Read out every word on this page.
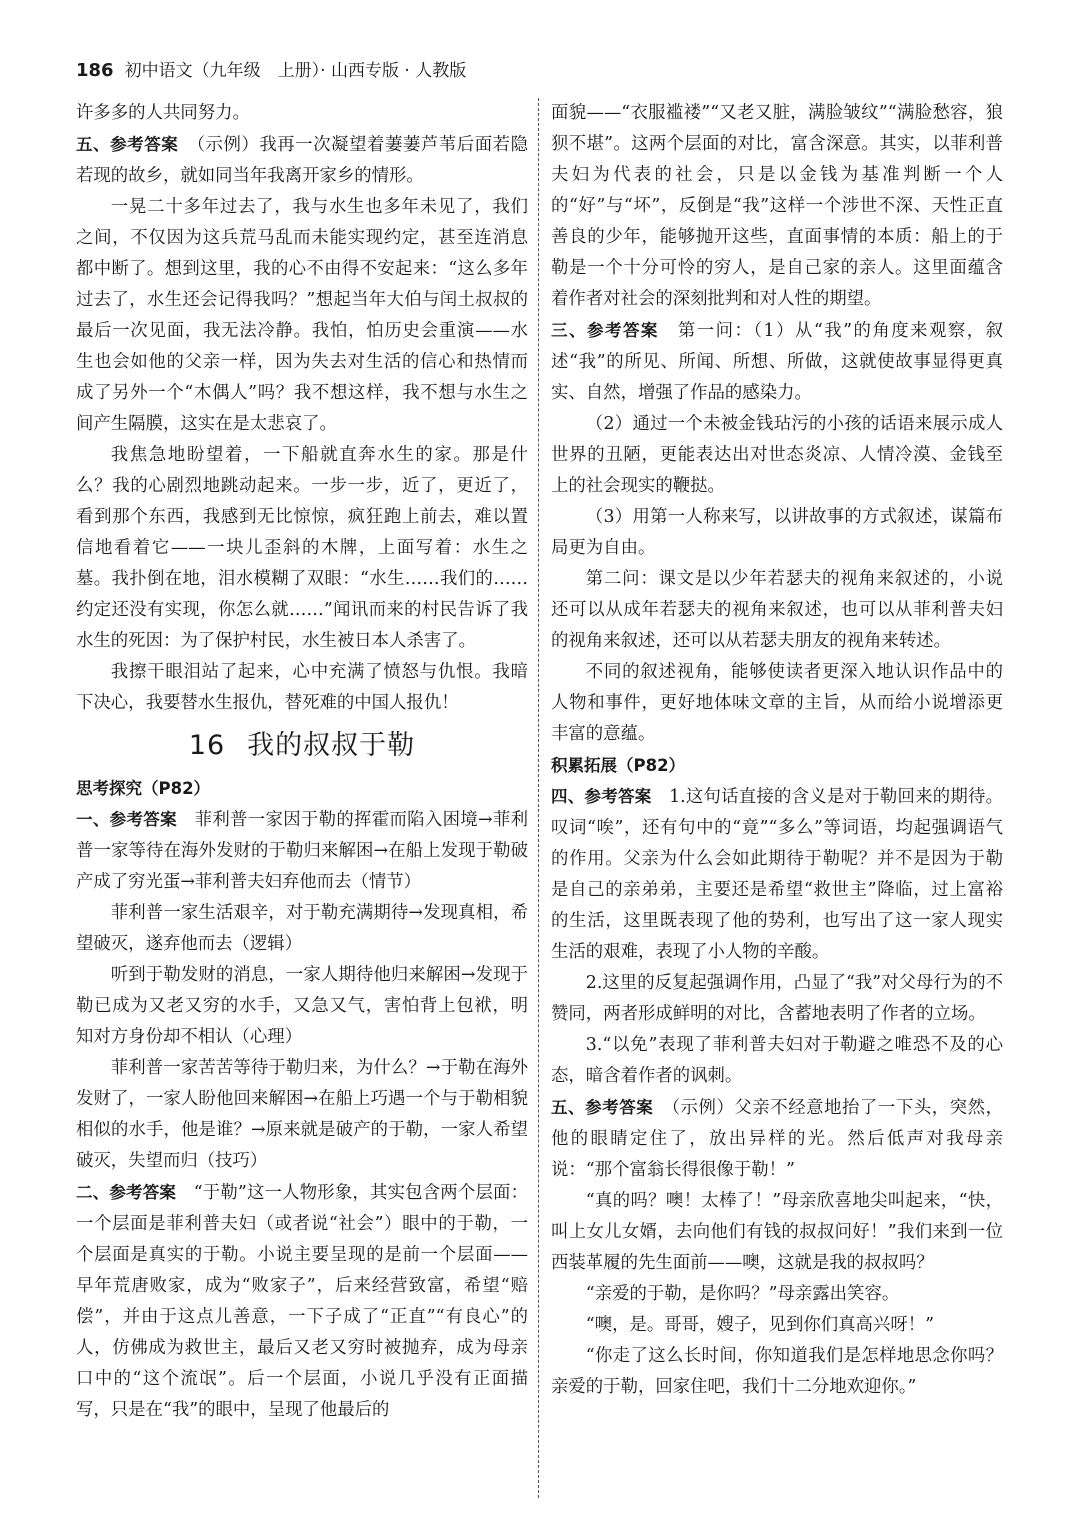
186 初中语文（九年级　上册）· 山西专版 · 人教版

许多多的人共同努力。

五、参考答案　 （示例）我再一次凝望着萋萋芦苇后面若隐若现的故乡，就如同当年我离开家乡的情形。

一晃二十多年过去了，我与水生也多年未见了，我们之间，不仅因为这兵荒马乱而未能实现约定，甚至连消息都中断了。想到这里，我的心不由得不安起来：“这么多年过去了，水生还会记得我吗？”想起当年大伯与闰土叔叔的最后一次见面，我无法冷静。我怕，怕历史会重演——水生也会如他的父亲一样，因为失去对生活的信心和热情而成了另外一个“木偶人”吗？我不想这样，我不想与水生之间产生隔膜，这实在是太悲哀了。

我焦急地盼望着，一下船就直奔水生的家。那是什么？我的心剧烈地跳动起来。一步一步，近了，更近了，看到那个东西，我感到无比惊惊，疯狂跑上前去，难以置信地看着它——一块儿歪斜的木牌，上面写着：水生之墓。我扑倒在地，泪水模糊了双眼：“水生……我们的……约定还没有实现，你怎么就……”闻讯而来的村民告诉了我水生的死因：为了保护村民，水生被日本人杀害了。

我擦干眼泪站了起来，心中充满了愤怒与仇恨。我暗下决心，我要替水生报仇，替死难的中国人报仇！

16 我的叔叔于勒

思考探究（P82）

一、参考答案　 菲利普一家因于勒的挥霍而陷入困境→菲利普一家等待在海外发财的于勒归来解困→在船上发现于勒破产成了穷光蛋→菲利普夫妇弃他而去（情节）

菲利普一家生活艰辛，对于勒充满期待→发现真相，希望破灭，遂弃他而去（逻辑）

听到于勒发财的消息，一家人期待他归来解困→发现于勒已成为又老又穷的水手，又急又气，害怕背上包袱，明知对方身份却不相认（心理）

菲利普一家苦苦等待于勒归来，为什么？→于勒在海外发财了，一家人盼他回来解困→在船上巧遇一个与于勒相貌相似的水手，他是谁？→原来就是破产的于勒，一家人希望破灭，失望而归（技巧）

二、参考答案　 “于勒”这一人物形象，其实包含两个层面：一个层面是菲利普夫妇（或者说“社会”）眼中的于勒，一个层面是真实的于勒。小说主要呈现的是前一个层面——早年荒唐败家，成为“败家子”，后来经营致富，希望“赔偿”，并由于这点儿善意，一下子成了“正直”“有良心”的人，仿佛成为救世主，最后又老又穷时被抛弃，成为母亲口中的“这个流氓”。后一个层面，小说几乎没有正面描写，只是在“我”的眼中，呈现了他最后的

面貌——“衣服褴褛”“又老又脏，满脸皱纹”“满脸愁容，狼狈不堪”。这两个层面的对比，富含深意。其实，以菲利普夫妇为代表的社会，只是以金钱为基准判断一个人的“好”与“坏”，反倒是“我”这样一个涉世不深、天性正直善良的少年，能够抛开这些，直面事情的本质：船上的于勒是一个十分可怜的穷人，是自己家的亲人。这里面蕴含着作者对社会的深刻批判和对人性的期望。

三、参考答案　 第一问：（1）从“我”的角度来观察，叙述“我”的所见、所闻、所想、所做，这就使故事显得更真实、自然，增强了作品的感染力。

（2）通过一个未被金钱玷污的小孩的话语来展示成人世界的丑陋，更能表达出对世态炎凉、人情冷漠、金钱至上的社会现实的鞭挞。

（3）用第一人称来写，以讲故事的方式叙述，谋篇布局更为自由。

第二问：课文是以少年若瑟夫的视角来叙述的，小说还可以从成年若瑟夫的视角来叙述，也可以从菲利普夫妇的视角来叙述，还可以从若瑟夫朋友的视角来转述。

不同的叙述视角，能够使读者更深入地认识作品中的人物和事件，更好地体味文章的主旨，从而给小说增添更丰富的意蕴。

积累拓展（P82）

四、参考答案　 1.这句话直接的含义是对于勒回来的期待。叹词“唉”，还有句中的“竟”“多么”等词语，均起强调语气的作用。父亲为什么会如此期待于勒呢？并不是因为于勒是自己的亲弟弟，主要还是希望“救世主”降临，过上富裕的生活，这里既表现了他的势利，也写出了这一家人现实生活的艰难，表现了小人物的辛酸。

2.这里的反复起强调作用，凸显了“我”对父母行为的不赞同，两者形成鲜明的对比，含蓄地表明了作者的立场。

3.“以免”表现了菲利普夫妇对于勒避之唯恐不及的心态，暗含着作者的讽刺。

五、参考答案　 （示例）父亲不经意地抬了一下头，突然，他的眼睛定住了，放出异样的光。然后低声对我母亲说：“那个富翁长得很像于勒！”

“真的吗？噢！太棒了！”母亲欣喜地尖叫起来，“快，叫上女儿女婿，去向他们有钱的叔叔问好！”我们来到一位西装革履的先生面前——噢，这就是我的叔叔吗？

“亲爱的于勒，是你吗？”母亲露出笑容。

“噢，是。哥哥，嫂子，见到你们真高兴呀！”

“你走了这么长时间，你知道我们是怎样地思念你吗？亲爱的于勒，回家住吧，我们十二分地欢迎你。”
